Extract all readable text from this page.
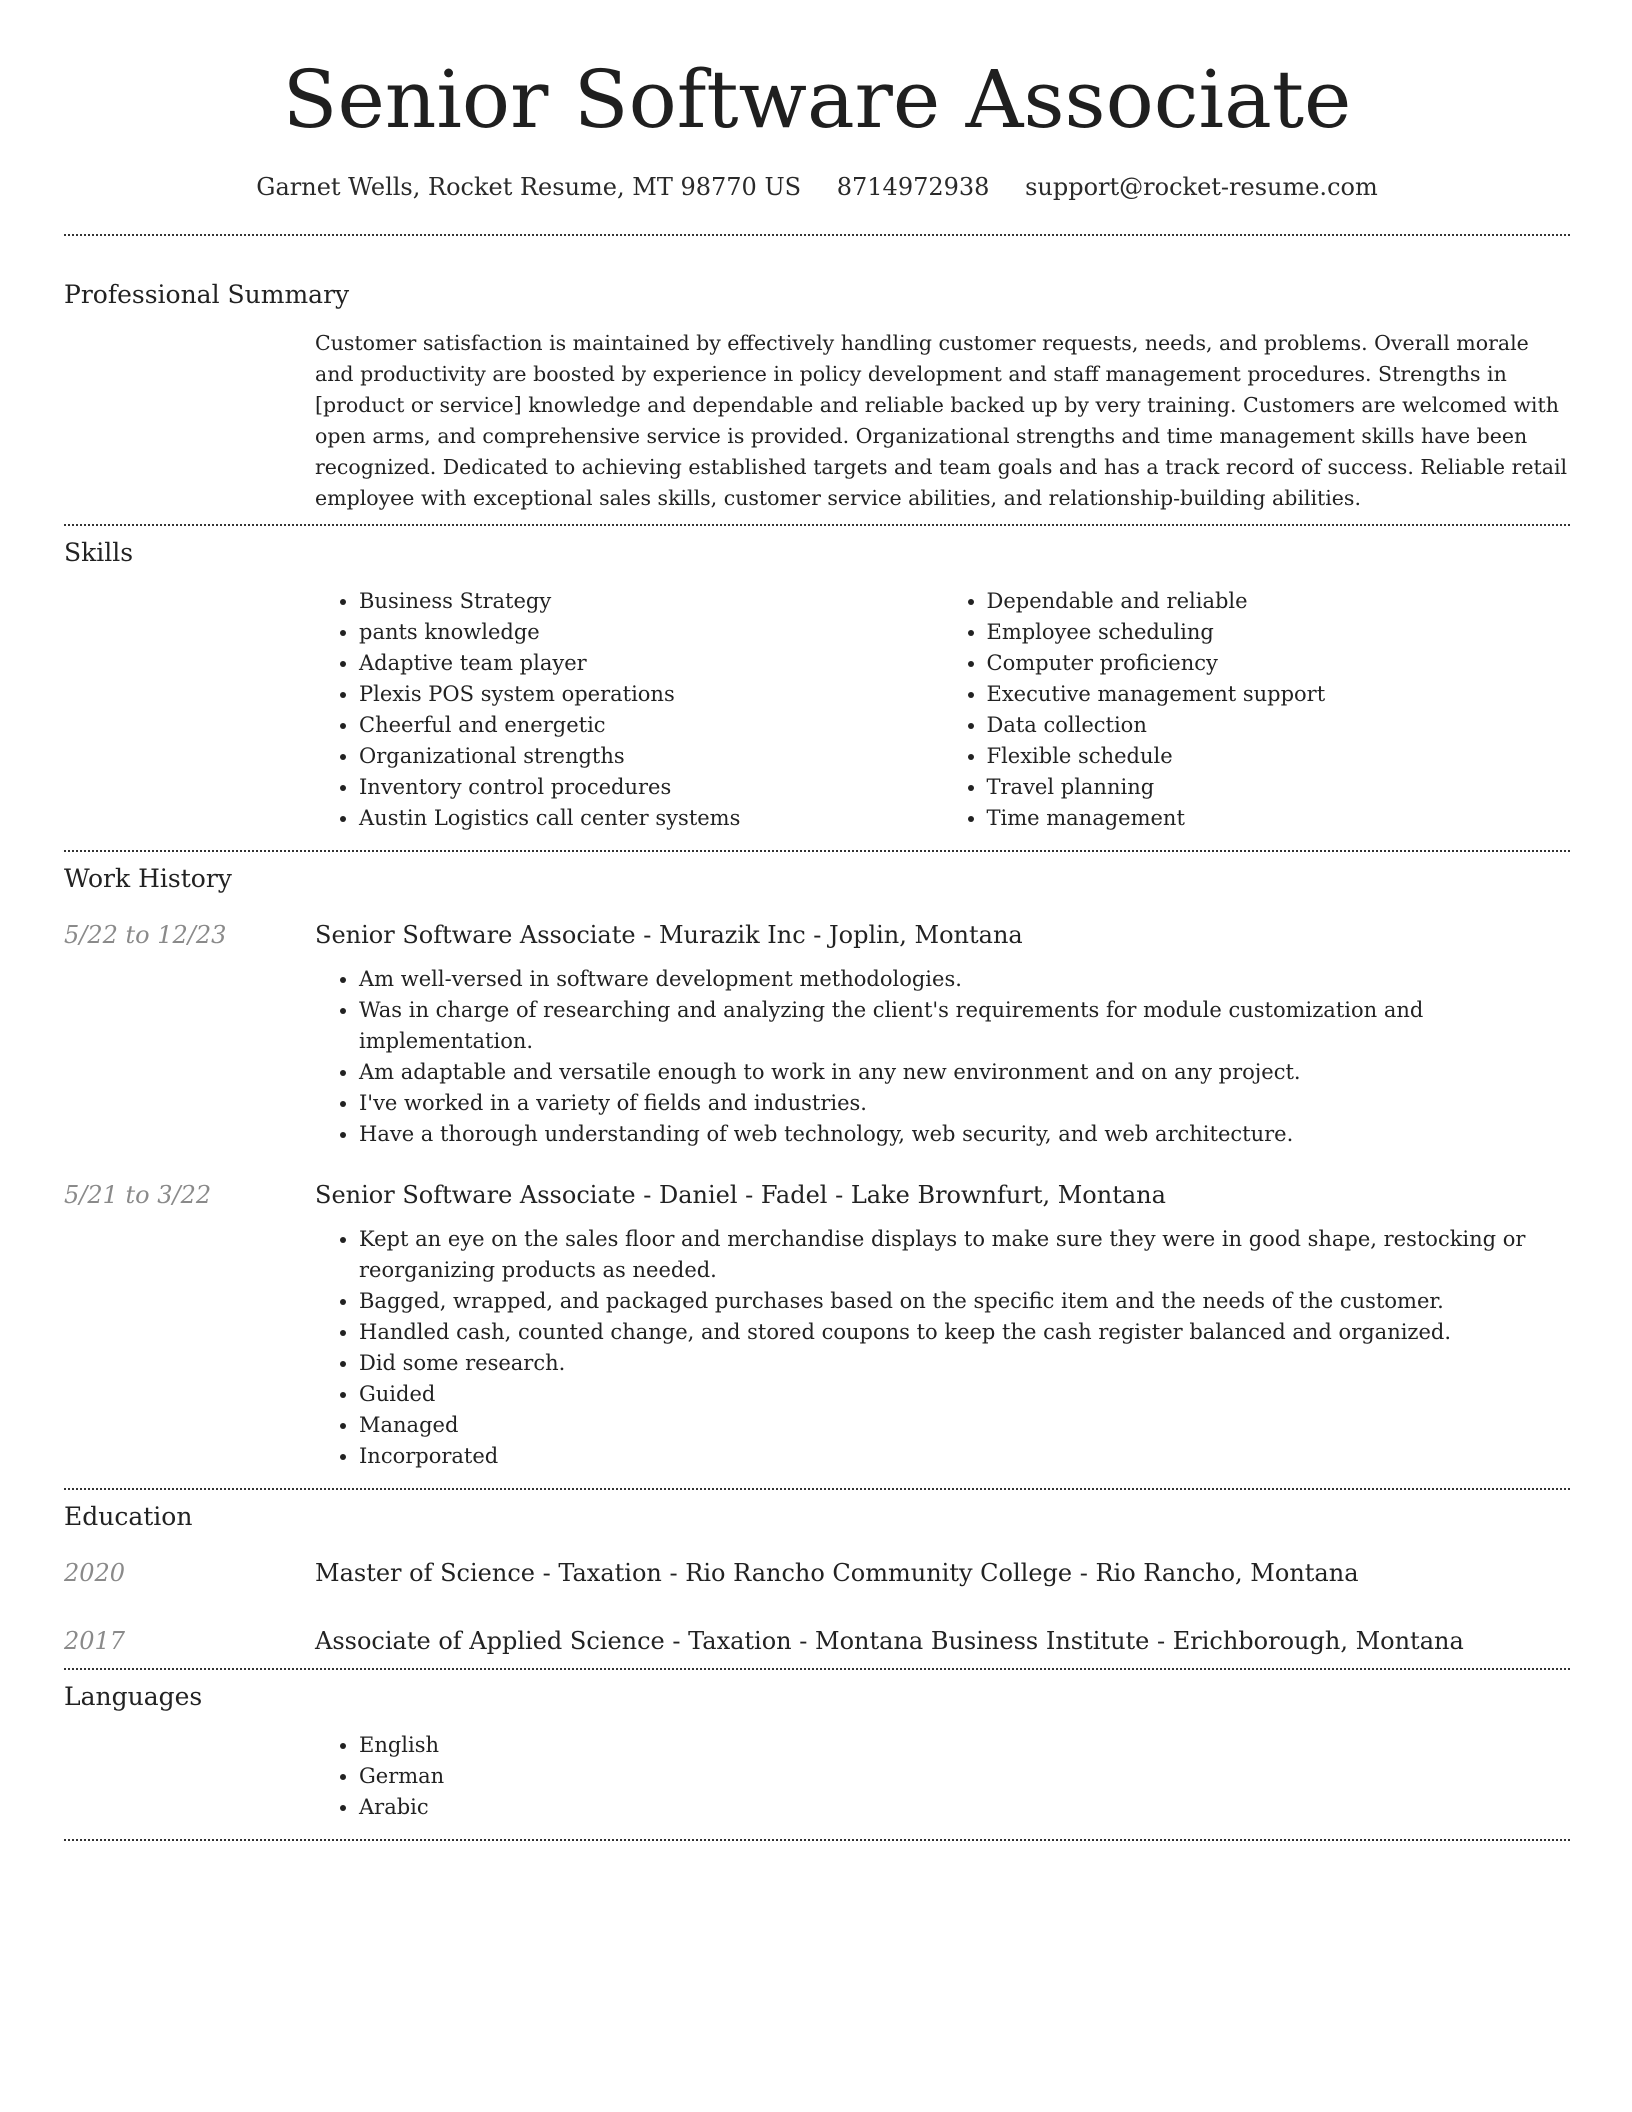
Senior Software Associate
Garnet Wells, Rocket Resume, MT 98770 US 8714972938 support@rocket-resume.com
Professional Summary
Customer satisfaction is maintained by effectively handling customer requests, needs, and problems. Overall morale and productivity are boosted by experience in policy development and staff management procedures. Strengths in [product or service] knowledge and dependable and reliable backed up by very training. Customers are welcomed with open arms, and comprehensive service is provided. Organizational strengths and time management skills have been recognized. Dedicated to achieving established targets and team goals and has a track record of success. Reliable retail employee with exceptional sales skills, customer service abilities, and relationship-building abilities.
Skills
• Business Strategy
• pants knowledge
• Adaptive team player
• Plexis POS system operations
• Cheerful and energetic
• Organizational strengths
• Inventory control procedures
• Austin Logistics call center systems
• Dependable and reliable
• Employee scheduling
• Computer proficiency
• Executive management support
• Data collection
• Flexible schedule
• Travel planning
• Time management
Work History
5/22 to 12/23	Senior Software Associate - Murazik Inc - Joplin, Montana
• Am well-versed in software development methodologies.
• Was in charge of researching and analyzing the client's requirements for module customization and implementation.
• Am adaptable and versatile enough to work in any new environment and on any project.
• I've worked in a variety of fields and industries.
• Have a thorough understanding of web technology, web security, and web architecture.
5/21 to 3/22	Senior Software Associate - Daniel - Fadel - Lake Brownfurt, Montana
• Kept an eye on the sales floor and merchandise displays to make sure they were in good shape, restocking or reorganizing products as needed.
• Bagged, wrapped, and packaged purchases based on the specific item and the needs of the customer.
• Handled cash, counted change, and stored coupons to keep the cash register balanced and organized.
• Did some research.
• Guided
• Managed
• Incorporated
Education
2020	Master of Science - Taxation - Rio Rancho Community College - Rio Rancho, Montana
2017	Associate of Applied Science - Taxation - Montana Business Institute - Erichborough, Montana
Languages
• English
• German
• Arabic
